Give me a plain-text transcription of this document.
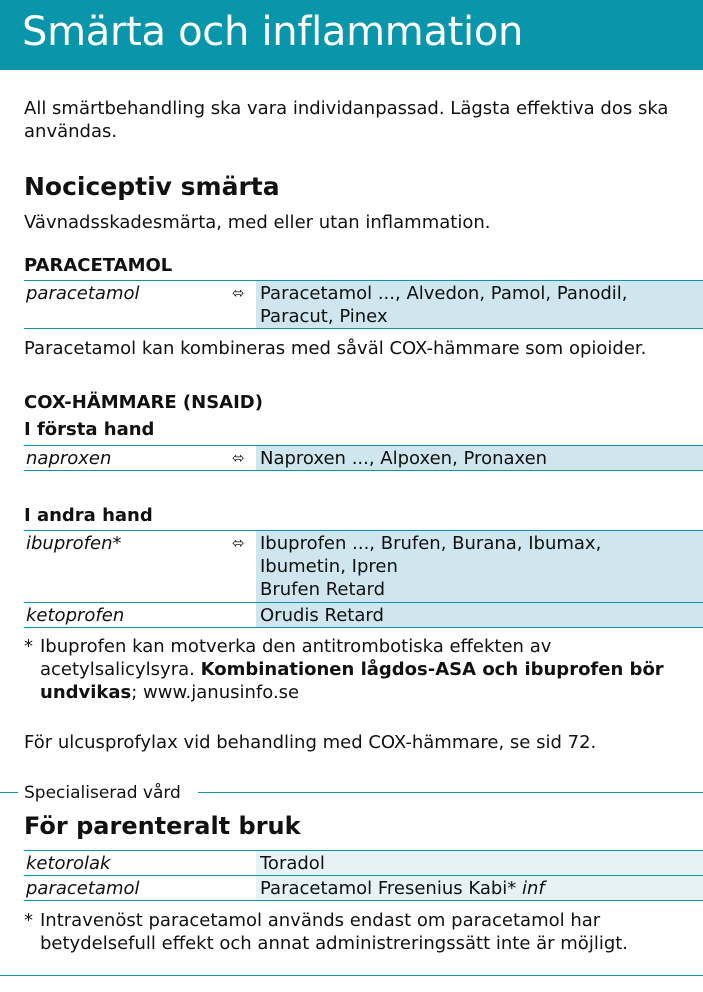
Smärta och inflammation

All smärtbehandling ska vara individanpassad. Lägsta effektiva dos ska användas.

Nociceptiv smärta

Vävnadsskadesmärta, med eller utan inflammation.

PARACETAMOL
paracetamol	⬄ Paracetamol ..., Alvedon, Pamol, Panodil,
Paracut, Pinex

Paracetamol kan kombineras med såväl COX-hämmare som opioider.

COX-HÄMMARE (NSAID)
I första hand
naproxen	⬄ Naproxen ..., Alpoxen, Pronaxen
I andra hand
ibuprofen*	⬄ Ibuprofen ..., Brufen, Burana, Ibumax,
Ibumetin, Ipren
Brufen Retard
ketoprofen	Orudis Retard
* Ibuprofen kan motverka den antitrombotiska effekten av acetylsalicylsyra. Kombinationen lågdos-ASA och ibuprofen bör undvikas; www.janusinfo.se

För ulcusprofylax vid behandling med COX-hämmare, se sid 72.

Specialiserad vård
För parenteralt bruk
ketorolak	Toradol
paracetamol	Paracetamol Fresenius Kabi* inf
* Intravenöst paracetamol används endast om paracetamol har betydelsefull effekt och annat administreringssätt inte är möjligt.
